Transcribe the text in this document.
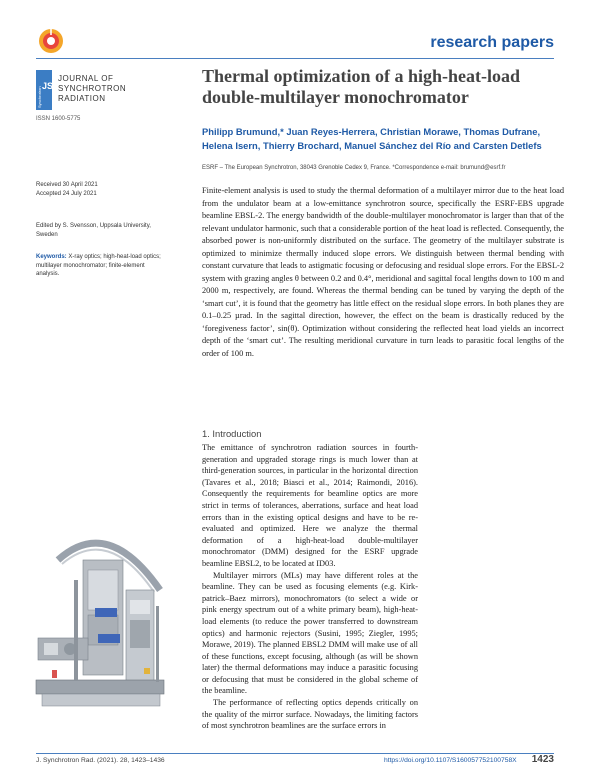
research papers
Synchrotron
JSR
JOURNAL OF
SYNCHROTRON
RADIATION
ISSN 1600-5775
Thermal optimization of a high-heat-load
double-multilayer monochromator
Philipp Brumund,* Juan Reyes-Herrera, Christian Morawe, Thomas Dufrane,
Helena Isern, Thierry Brochard, Manuel Sánchez del Río and Carsten Detlefs
ESRF – The European Synchrotron, 38043 Grenoble Cedex 9, France. *Correspondence e-mail: brumund@esrf.fr
Received 30 April 2021
Accepted 24 July 2021
Edited by S. Svensson, Uppsala University, Sweden
Keywords: X-ray optics; high-heat-load optics; multilayer monochromator; finite-element analysis.
Finite-element analysis is used to study the thermal deformation of a multilayer mirror due to the heat load from the undulator beam at a low-emittance synchrotron source, specifically the ESRF-EBS upgrade beamline EBSL-2. The energy bandwidth of the double-multilayer monochromator is larger than that of the relevant undulator harmonic, such that a considerable portion of the heat load is reflected. Consequently, the absorbed power is non-uniformly distributed on the surface. The geometry of the multilayer substrate is optimized to minimize thermally induced slope errors. We distinguish between thermal bending with constant curvature that leads to astigmatic focusing or defocusing and residual slope errors. For the EBSL-2 system with grazing angles θ between 0.2 and 0.4°, meridional and sagittal focal lengths down to 100 m and 2000 m, respectively, are found. Whereas the thermal bending can be tuned by varying the depth of the ‘smart cut’, it is found that the geometry has little effect on the residual slope errors. In both planes they are 0.1–0.25 µrad. In the sagittal direction, however, the effect on the beam is drastically reduced by the ‘foregiveness factor’, sin(θ). Optimization without considering the reflected heat load yields an incorrect depth of the ‘smart cut’. The resulting meridional curvature in turn leads to parasitic focal lengths of the order of 100 m.
1. Introduction

The emittance of synchrotron radiation sources in fourth-generation and upgraded storage rings is much lower than at third-generation sources, in particular in the horizontal direction (Tavares et al., 2018; Biasci et al., 2014; Raimondi, 2016). Consequently the requirements for beamline optics are more strict in terms of tolerances, aberrations, surface and heat load errors than in the existing optical designs and have to be re-evaluated and optimized. Here we analyze the thermal deformation of a high-heat-load double-multilayer monochromator (DMM) designed for the ESRF upgrade beamline EBSL2, to be located at ID03.

Multilayer mirrors (MLs) may have different roles at the beamline. They can be used as focusing elements (e.g. Kirk-patrick–Baez mirrors), monochromators (to select a wide or pink energy spectrum out of a white primary beam), high-heat-load elements (to reduce the power transferred to downstream optics) and harmonic rejectors (Susini, 1995; Ziegler, 1995; Morawe, 2019). The planned EBSL2 DMM will make use of all of these functions, except focusing, although (as will be shown later) the thermal deformations may induce a parasitic focusing or defocusing that must be considered in the global scheme of the beamline.

The performance of reflecting optics depends critically on the quality of the mirror surface. Nowadays, the limiting factors of most synchrotron beamlines are the surface errors in

J. Synchrotron Rad. (2021). 28, 1423–1436	https://doi.org/10.1107/S160057752100758X 1423
